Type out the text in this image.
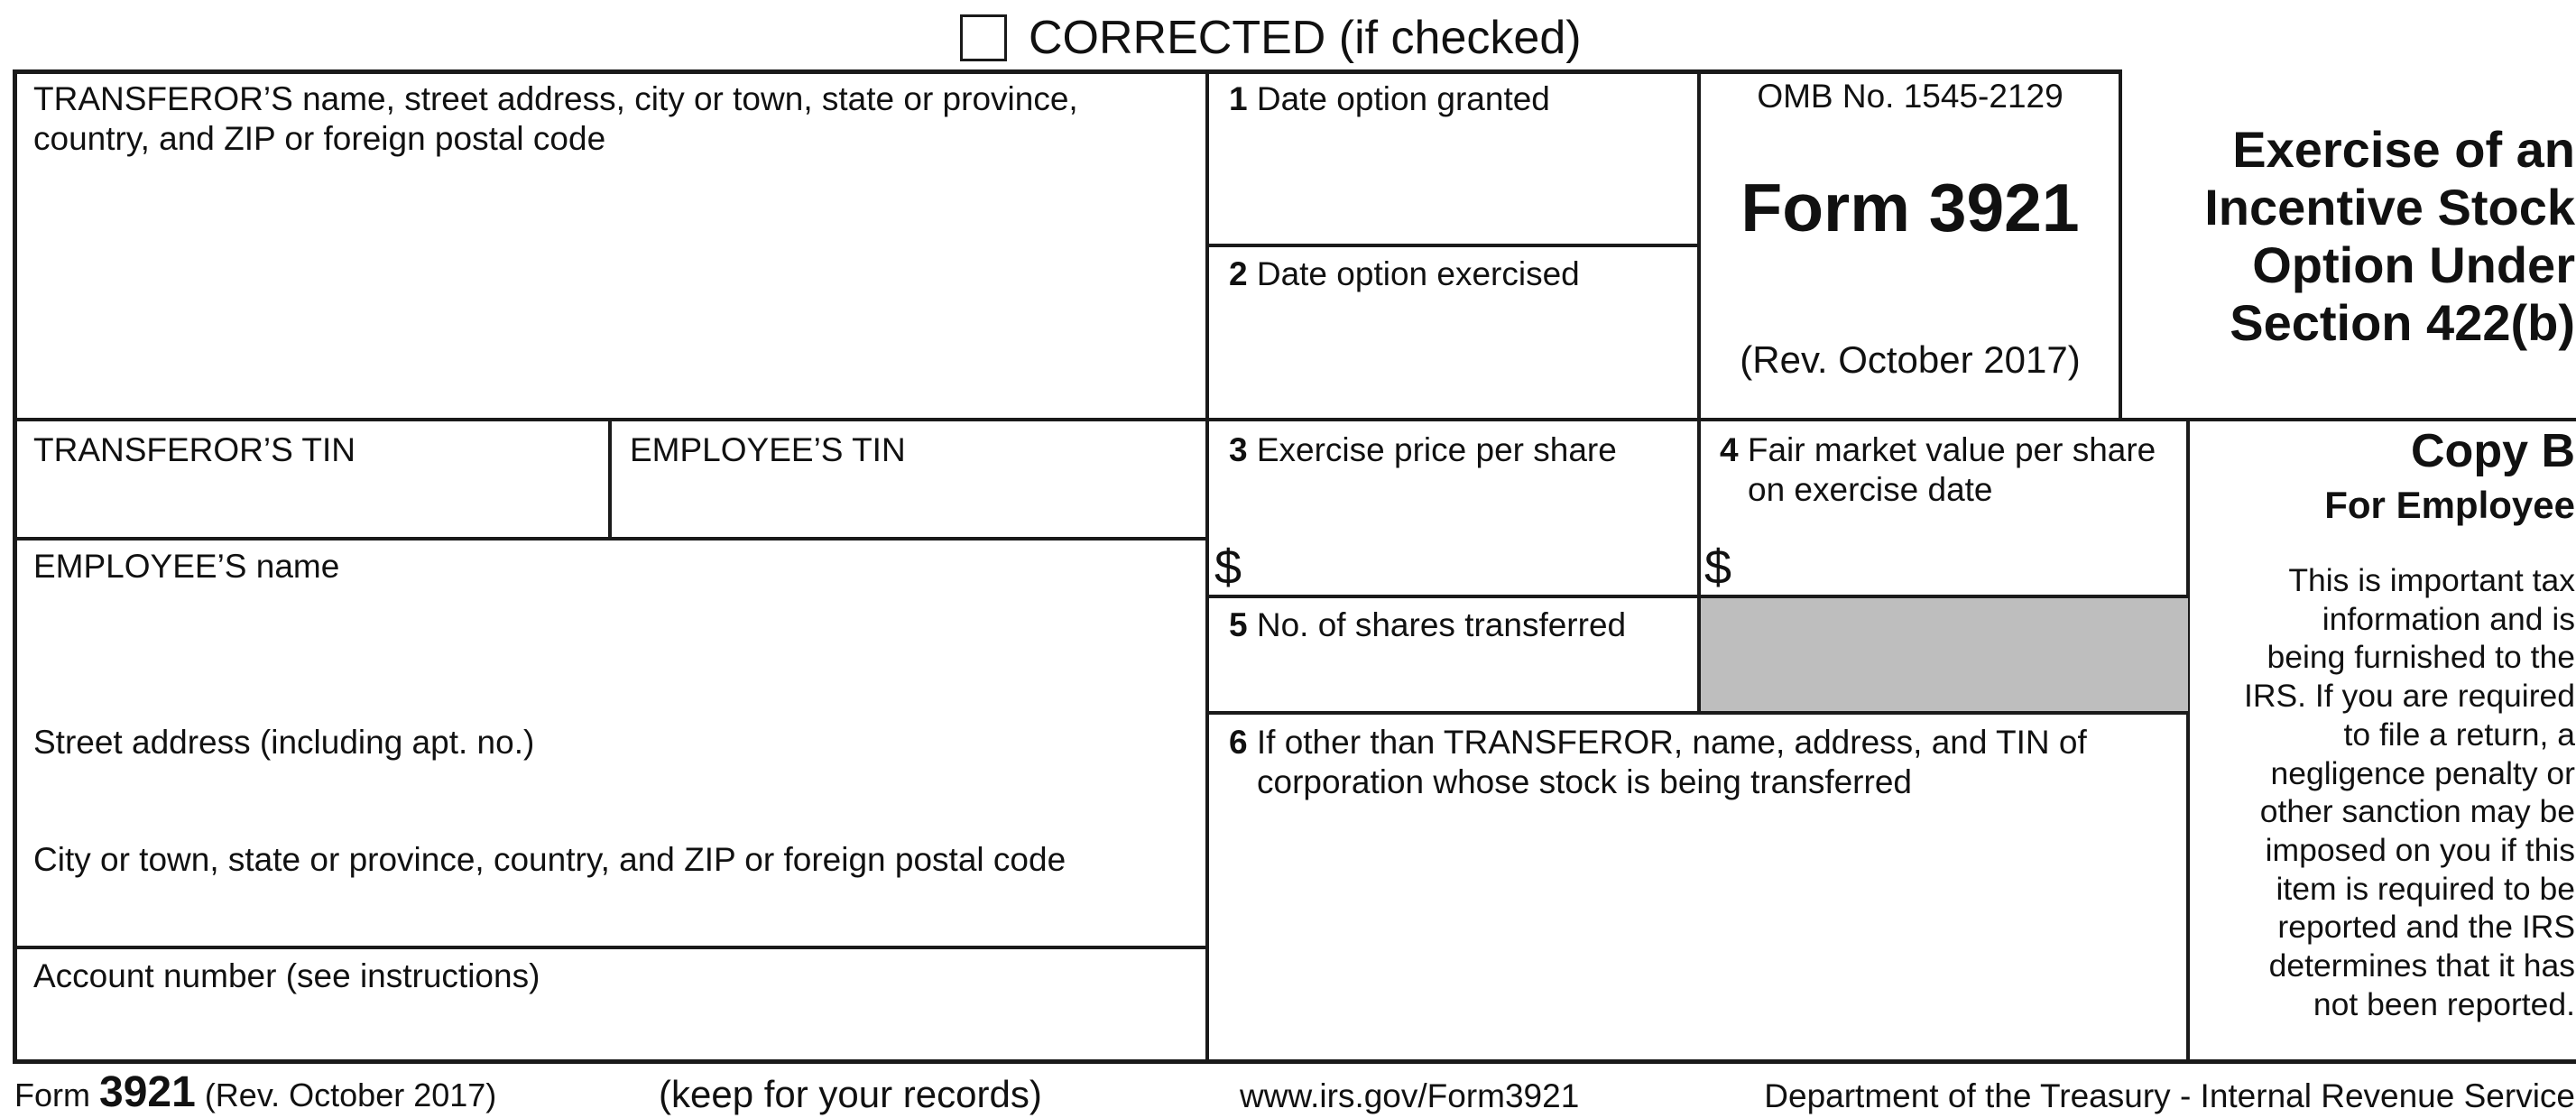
CORRECTED (if checked)
TRANSFEROR’S name, street address, city or town, state or province,
country, and ZIP or foreign postal code
1 Date option granted
2 Date option exercised
OMB No. 1545-2129
Form 3921
(Rev. October 2017)
Exercise of an
Incentive Stock
Option Under
Section 422(b)
TRANSFEROR’S TIN	EMPLOYEE’S TIN
EMPLOYEE’S name
Street address (including apt. no.)
City or town, state or province, country, and ZIP or foreign postal code
Account number (see instructions)
3 Exercise price per share
$
4 Fair market value per share
on exercise date
$
5 No. of shares transferred
6 If other than TRANSFEROR, name, address, and TIN of
corporation whose stock is being transferred
Copy B
For Employee
This is important tax
information and is
being furnished to the
IRS. If you are required
to file a return, a
negligence penalty or
other sanction may be
imposed on you if this
item is required to be
reported and the IRS
determines that it has
not been reported.
Form 3921 (Rev. October 2017)	(keep for your records)	www.irs.gov/Form3921	Department of the Treasury - Internal Revenue Service
